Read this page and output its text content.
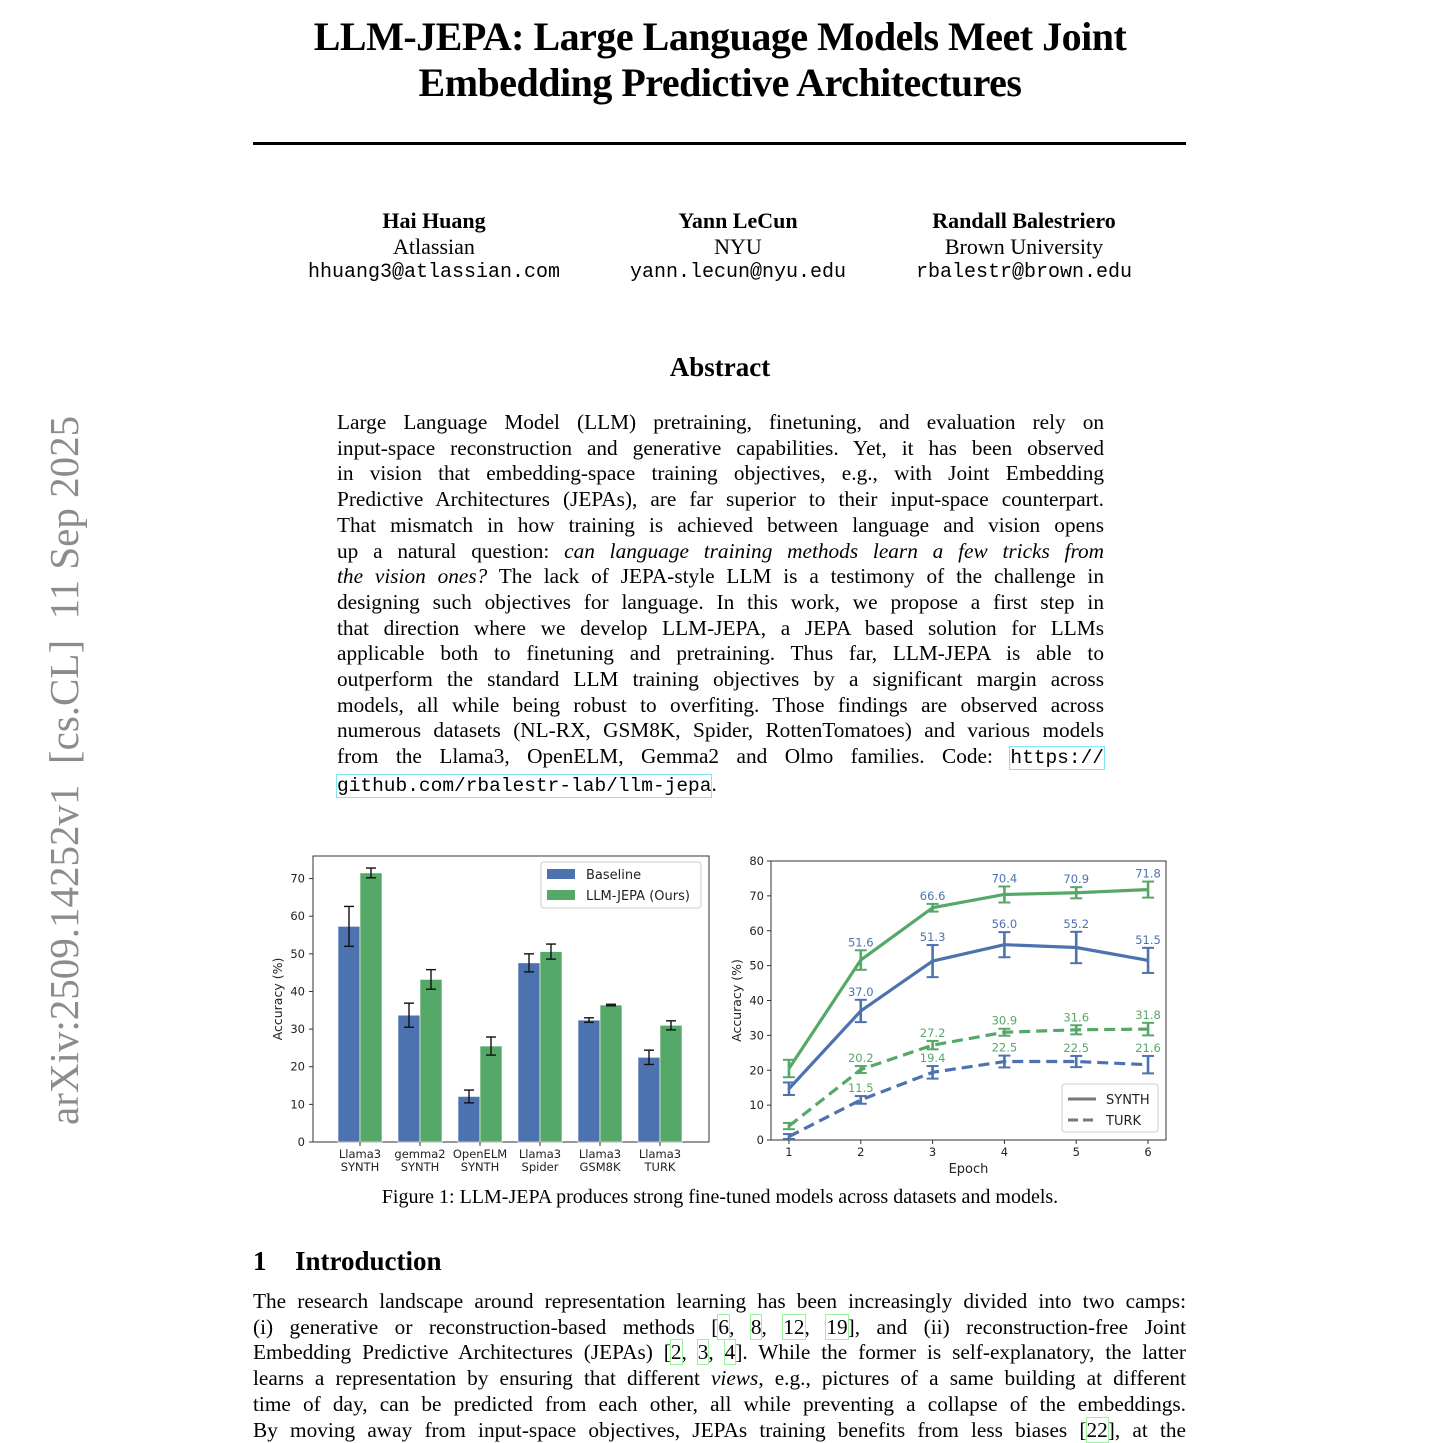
arXiv:2509.14252v1  [cs.CL]  11 Sep 2025
LLM-JEPA: Large Language Models Meet Joint
Embedding Predictive Architectures
Hai Huang
Atlassian
hhuang3@atlassian.com
Yann LeCun
NYU
yann.lecun@nyu.edu
Randall Balestriero
Brown University
rbalestr@brown.edu
Abstract
Large Language Model (LLM) pretraining, finetuning, and evaluation rely on
input-space reconstruction and generative capabilities. Yet, it has been observed
in vision that embedding-space training objectives, e.g., with Joint Embedding
Predictive Architectures (JEPAs), are far superior to their input-space counterpart.
That mismatch in how training is achieved between language and vision opens
up a natural question: can language training methods learn a few tricks from
the vision ones? The lack of JEPA-style LLM is a testimony of the challenge in
designing such objectives for language. In this work, we propose a first step in
that direction where we develop LLM-JEPA, a JEPA based solution for LLMs
applicable both to finetuning and pretraining. Thus far, LLM-JEPA is able to
outperform the standard LLM training objectives by a significant margin across
models, all while being robust to overfiting. Those findings are observed across
numerous datasets (NL-RX, GSM8K, Spider, RottenTomatoes) and various models
from the Llama3, OpenELM, Gemma2 and Olmo families. Code: https://
github.com/rbalestr-lab/llm-jepa.
0
10
20
30
40
50
60
70
Accuracy (%)
Llama3
SYNTH
gemma2
SYNTH
OpenELM
SYNTH
Llama3
Spider
Llama3
GSM8K
Llama3
TURK
Baseline
LLM-JEPA (Ours)
0
10
20
30
40
50
60
70
80
1	2	3	4	5	6
Epoch
Accuracy (%)
51.6
66.6
70.4	70.9	71.8
37.0
51.3
56.0	55.2
51.5
20.2
27.2
30.9	31.6	31.8
11.5
19.4
22.5	22.5	21.6
SYNTH
TURK
Figure 1: LLM-JEPA produces strong fine-tuned models across datasets and models.
1 Introduction
The research landscape around representation learning has been increasingly divided into two camps:
(i) generative or reconstruction-based methods [6, 8, 12, 19], and (ii) reconstruction-free Joint
Embedding Predictive Architectures (JEPAs) [2, 3, 4]. While the former is self-explanatory, the latter
learns a representation by ensuring that different views, e.g., pictures of a same building at different
time of day, can be predicted from each other, all while preventing a collapse of the embeddings.
By moving away from input-space objectives, JEPAs training benefits from less biases [22], at the
